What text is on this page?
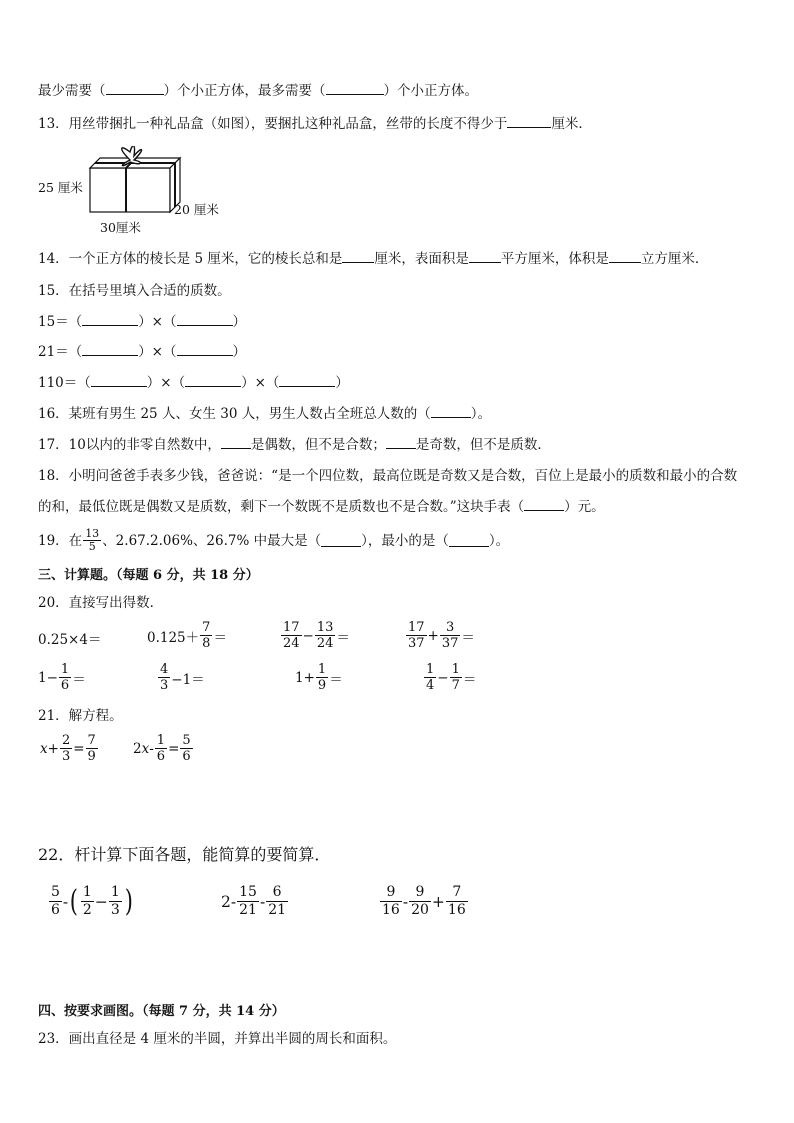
最少需要（	）个小正方体，最多需要（	）个小正方体。
13．用丝带捆扎一种礼品盒（如图），要捆扎这种礼品盒，丝带的长度不得少于	厘米．
25 厘米
20 厘米
30厘米
14．一个正方体的棱长是 5 厘米，它的棱长总和是 厘米，表面积是 平方厘米，体积是 立方厘米．
15．在括号里填入合适的质数。
15＝（	）×（	）
21＝（	）×（	）
110＝（	）×（	）×（	）
16．某班有男生 25 人、女生 30 人，男生人数占全班总人数的（	）。
17．10以内的非零自然数中， 是偶数，但不是合数； 是奇数，但不是质数．
18．小明问爸爸手表多少钱，爸爸说：“是一个四位数，最高位既是奇数又是合数，百位上是最小的质数和最小的合数
的和，最低位既是偶数又是质数，剩下一个数既不是质数也不是合数。”这块手表（	）元。
19．在 $\frac{13}{5}$ 、2.67.2.06%、26.7% 中最大是（	），最小的是（	）。
三、计算题。（每题 6 分，共 18 分）
20．直接写出得数．
0.25×4＝	$0.125+ \frac{7}{8}$ ＝	$\frac{17}{24} - \frac{13}{24}$ ＝	$\frac{17}{37} + \frac{3}{37}$ ＝
$1- \frac{1}{6}$ ＝	$\frac{4}{3} -1=$	$1+ \frac{1}{9}$ ＝	$\frac{1}{4} - \frac{1}{7}$ ＝
21．解方程。
$x + \frac{2}{3} = \frac{7}{9}$	2 $x - \frac{1}{6} = \frac{5}{6}$
22．杆计算下面各题，能简算的要简算．
$\frac{5}{6}$ - ( $\frac{1}{2} - \frac{1}{3}$ )	$2- \frac{15}{21} - \frac{6}{21}$	$\frac{9}{16} - \frac{9}{20} + \frac{7}{16}$
四、按要求画图。（每题 7 分，共 14 分）
23．画出直径是 4 厘米的半圆，并算出半圆的周长和面积。
